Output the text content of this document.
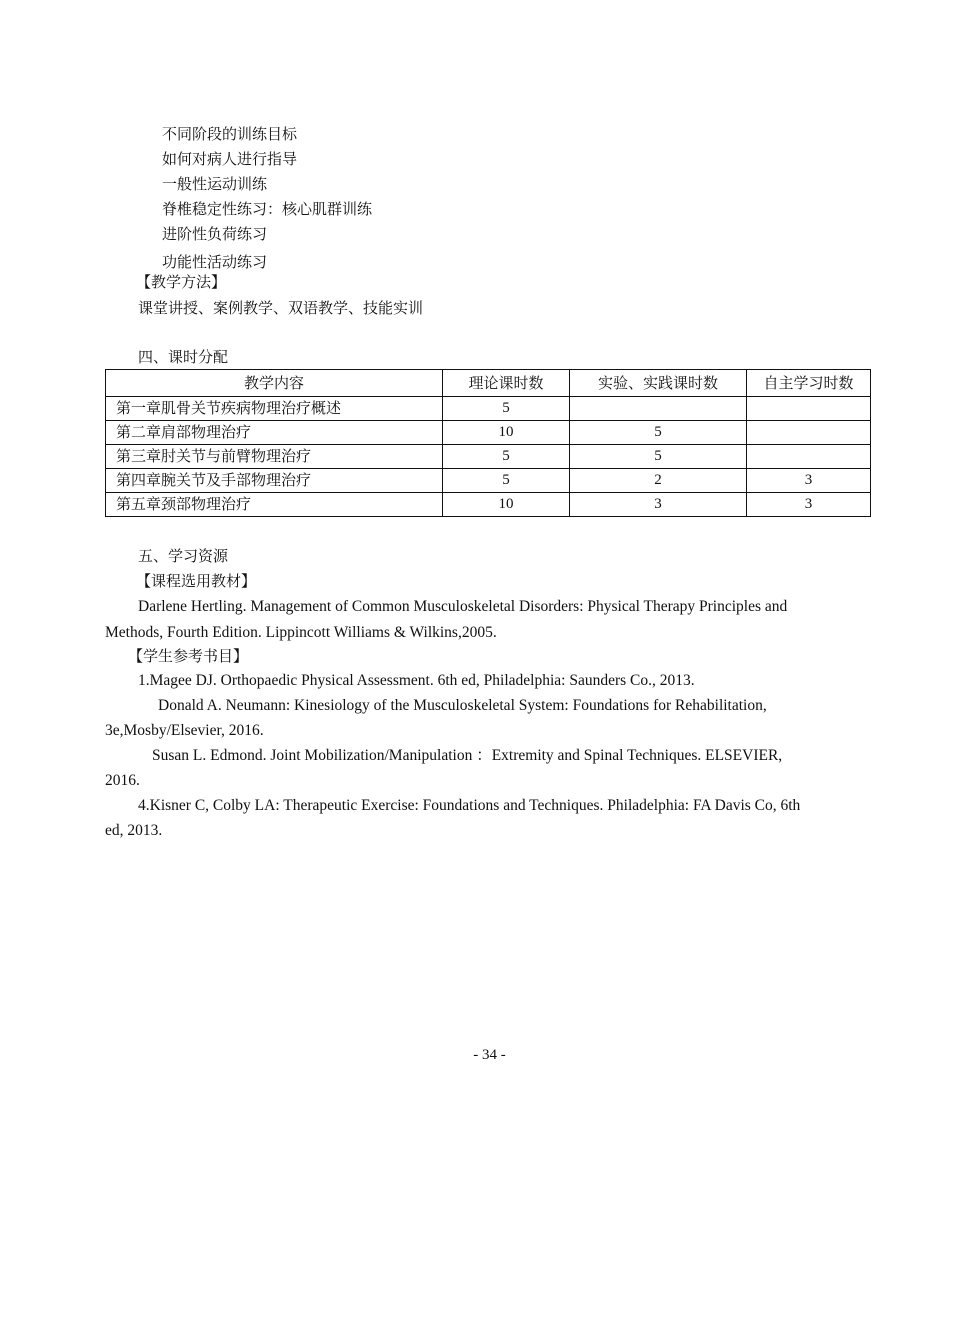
不同阶段的训练目标
如何对病人进行指导
一般性运动训练
脊椎稳定性练习：核心肌群训练
进阶性负荷练习
功能性活动练习
【教学方法】
课堂讲授、案例教学、双语教学、技能实训
四、课时分配
教学内容	理论课时数	实验、实践课时数	自主学习时数
第一章肌骨关节疾病物理治疗概述	5		
第二章肩部物理治疗	10	5	
第三章肘关节与前臂物理治疗	5	5	
第四章腕关节及手部物理治疗	5	2	3
第五章颈部物理治疗	10	3	3
五、学习资源
【课程选用教材】
Darlene Hertling. Management of Common Musculoskeletal Disorders: Physical Therapy Principles and
Methods, Fourth Edition. Lippincott Williams & Wilkins,2005.
【学生参考书目】
1.Magee DJ. Orthopaedic Physical Assessment. 6th ed, Philadelphia: Saunders Co., 2013.
Donald A. Neumann: Kinesiology of the Musculoskeletal System: Foundations for Rehabilitation,
3e,Mosby/Elsevier, 2016.
Susan L. Edmond. Joint Mobilization/Manipulation ：Extremity and Spinal Techniques. ELSEVIER,
2016.
4.Kisner C, Colby LA: Therapeutic Exercise: Foundations and Techniques. Philadelphia: FA Davis Co, 6th
ed, 2013.
- 34 -
